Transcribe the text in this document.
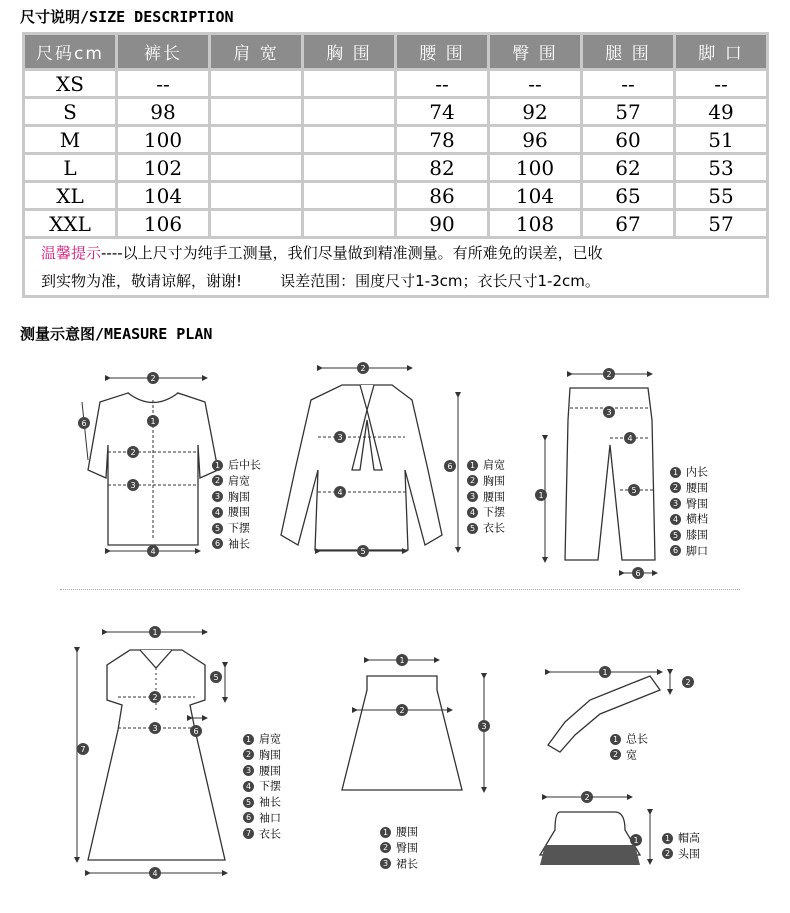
尺寸说明/SIZE DESCRIPTION
尺码cm	裤长	肩 宽	胸 围	腰 围	臀 围	腿 围	脚 口
XS	--			--	--	--	--
S	98			74	92	57	49
M	100			78	96	60	51
L	102			82	100	62	53
XL	104			86	104	65	55
XXL	106			90	108	67	57
温馨提示----以上尺寸为纯手工测量，我们尽量做到精准测量。有所难免的误差，已收
到实物为准，敬请谅解，谢谢!        误差范围：围度尺寸1-3cm；衣长尺寸1-2cm。
测量示意图/MEASURE PLAN
2
1
6
2
3
4
2
3
4
5
6
2
3
4
5
1
6
1
2
3
4
5
6
7
1
2
3
1
2
2
1
1 后中长
2 肩宽
3 胸围
4 腰围
5 下摆
6 袖长
1 肩宽
2 胸围
3 腰围
4 下摆
5 衣长
1 内长
2 腰围
3 臀围
4 横档
5 膝围
6 脚口
1 肩宽
2 胸围
3 腰围
4 下摆
5 袖长
6 袖口
7 衣长	1 腰围
2 臀围
3 裙长
1 总长
2 宽
1 帽高
2 头围
